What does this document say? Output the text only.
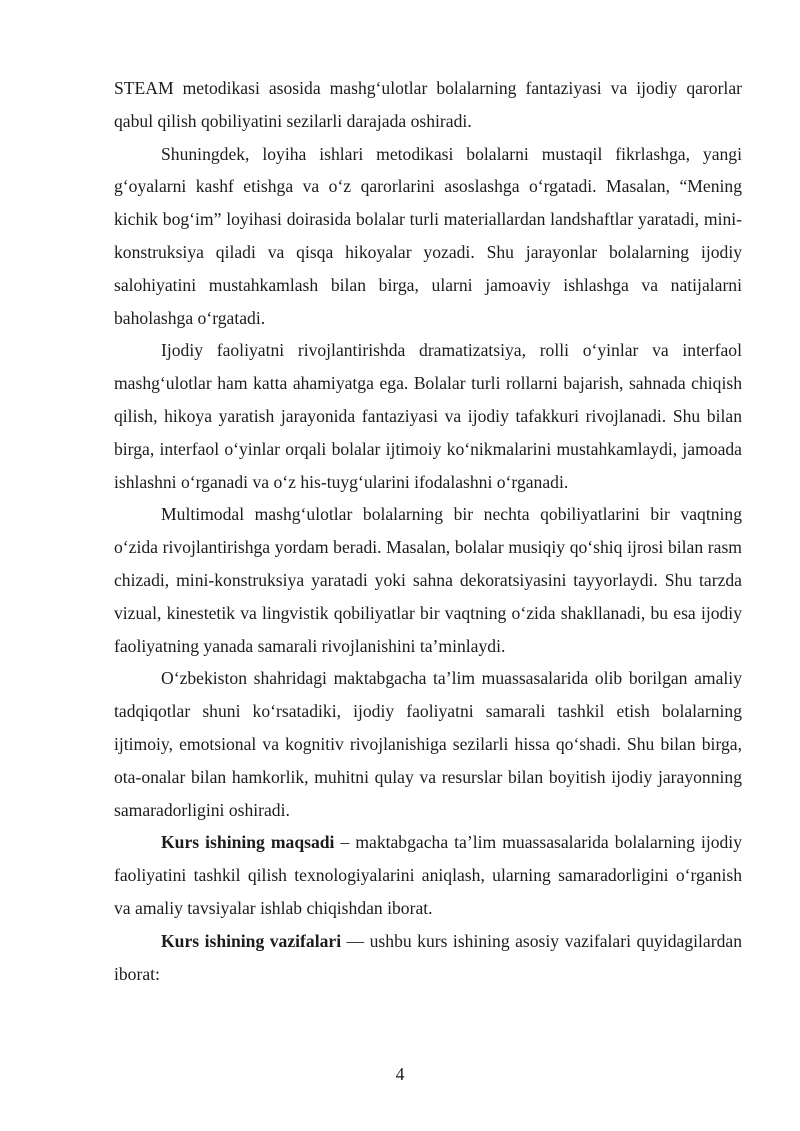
STEAM metodikasi asosida mashg‘ulotlar bolalarning fantaziyasi va ijodiy qarorlar qabul qilish qobiliyatini sezilarli darajada oshiradi.

Shuningdek, loyiha ishlari metodikasi bolalarni mustaqil fikrlashga, yangi g‘oyalarni kashf etishga va o‘z qarorlarini asoslashga o‘rgatadi. Masalan, “Mening kichik bog‘im” loyihasi doirasida bolalar turli materiallardan landshaftlar yaratadi, mini-konstruksiya qiladi va qisqa hikoyalar yozadi. Shu jarayonlar bolalarning ijodiy salohiyatini mustahkamlash bilan birga, ularni jamoaviy ishlashga va natijalarni baholashga o‘rgatadi.

Ijodiy faoliyatni rivojlantirishda dramatizatsiya, rolli o‘yinlar va interfaol mashg‘ulotlar ham katta ahamiyatga ega. Bolalar turli rollarni bajarish, sahnada chiqish qilish, hikoya yaratish jarayonida fantaziyasi va ijodiy tafakkuri rivojlanadi. Shu bilan birga, interfaol o‘yinlar orqali bolalar ijtimoiy ko‘nikmalarini mustahkamlaydi, jamoada ishlashni o‘rganadi va o‘z his-tuyg‘ularini ifodalashni o‘rganadi.

Multimodal mashg‘ulotlar bolalarning bir nechta qobiliyatlarini bir vaqtning o‘zida rivojlantirishga yordam beradi. Masalan, bolalar musiqiy qo‘shiq ijrosi bilan rasm chizadi, mini-konstruksiya yaratadi yoki sahna dekoratsiyasini tayyorlaydi. Shu tarzda vizual, kinestetik va lingvistik qobiliyatlar bir vaqtning o‘zida shakllanadi, bu esa ijodiy faoliyatning yanada samarali rivojlanishini ta’minlaydi.

O‘zbekiston shahridagi maktabgacha ta’lim muassasalarida olib borilgan amaliy tadqiqotlar shuni ko‘rsatadiki, ijodiy faoliyatni samarali tashkil etish bolalarning ijtimoiy, emotsional va kognitiv rivojlanishiga sezilarli hissa qo‘shadi. Shu bilan birga, ota-onalar bilan hamkorlik, muhitni qulay va resurslar bilan boyitish ijodiy jarayonning samaradorligini oshiradi.

Kurs ishining maqsadi – maktabgacha ta’lim muassasalarida bolalarning ijodiy faoliyatini tashkil qilish texnologiyalarini aniqlash, ularning samaradorligini o‘rganish va amaliy tavsiyalar ishlab chiqishdan iborat.

Kurs ishining vazifalari — ushbu kurs ishining asosiy vazifalari quyidagilardan iborat:

4
